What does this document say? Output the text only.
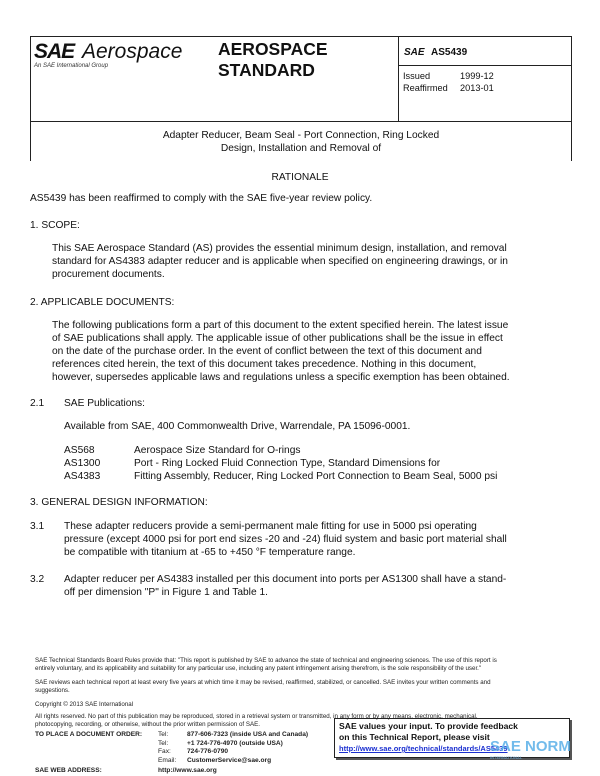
SAE Aerospace
An SAE International Group
AEROSPACE
STANDARD
SAE AS5439
Issued	1999-12
Reaffirmed 2013-01
Adapter Reducer, Beam Seal - Port Connection, Ring Locked
Design, Installation and Removal of
RATIONALE
AS5439 has been reaffirmed to comply with the SAE five-year review policy.
1. SCOPE:
This SAE Aerospace Standard (AS) provides the essential minimum design, installation, and removal
standard for AS4383 adapter reducer and is applicable when specified on engineering drawings, or in
procurement documents.
2. APPLICABLE DOCUMENTS:
The following publications form a part of this document to the extent specified herein. The latest issue
of SAE publications shall apply. The applicable issue of other publications shall be the issue in effect
on the date of the purchase order. In the event of conflict between the text of this document and
references cited herein, the text of this document takes precedence. Nothing in this document,
however, supersedes applicable laws and regulations unless a specific exemption has been obtained.
2.1 SAE Publications:
Available from SAE, 400 Commonwealth Drive, Warrendale, PA 15096-0001.
AS568	Aerospace Size Standard for O-rings
AS1300	Port - Ring Locked Fluid Connection Type, Standard Dimensions for
AS4383	Fitting Assembly, Reducer, Ring Locked Port Connection to Beam Seal, 5000 psi
3. GENERAL DESIGN INFORMATION:
3.1 These adapter reducers provide a semi-permanent male fitting for use in 5000 psi operating
pressure (except 4000 psi for port end sizes -20 and -24) fluid system and basic port material shall
be compatible with titanium at -65 to +450 °F temperature range.
3.2 Adapter reducer per AS4383 installed per this document into ports per AS1300 shall have a stand-
off per dimension "P" in Figure 1 and Table 1.
SAE Technical Standards Board Rules provide that: "This report is published by SAE to advance the state of technical and engineering sciences. The use of this report is
entirely voluntary, and its applicability and suitability for any particular use, including any patent infringement arising therefrom, is the sole responsibility of the user."
SAE reviews each technical report at least every five years at which time it may be revised, reaffirmed, stabilized, or cancelled. SAE invites your written comments and
suggestions.
Copyright © 2013 SAE International
All rights reserved. No part of this publication may be reproduced, stored in a retrieval system or transmitted, in any form or by any means, electronic, mechanical,
photocopying, recording, or otherwise, without the prior written permission of SAE.
TO PLACE A DOCUMENT ORDER: Tel:	877-606-7323 (inside USA and Canada)
Tel:	+1 724-776-4970 (outside USA)
Fax: 724-776-0790
Email: CustomerService@sae.org
SAE WEB ADDRESS:	http://www.sae.org
SAE values your input. To provide feedback
on this Technical Report, please visit
http://www.sae.org/technical/standards/AS5439
SAE NORM
INTERNATIONAL
